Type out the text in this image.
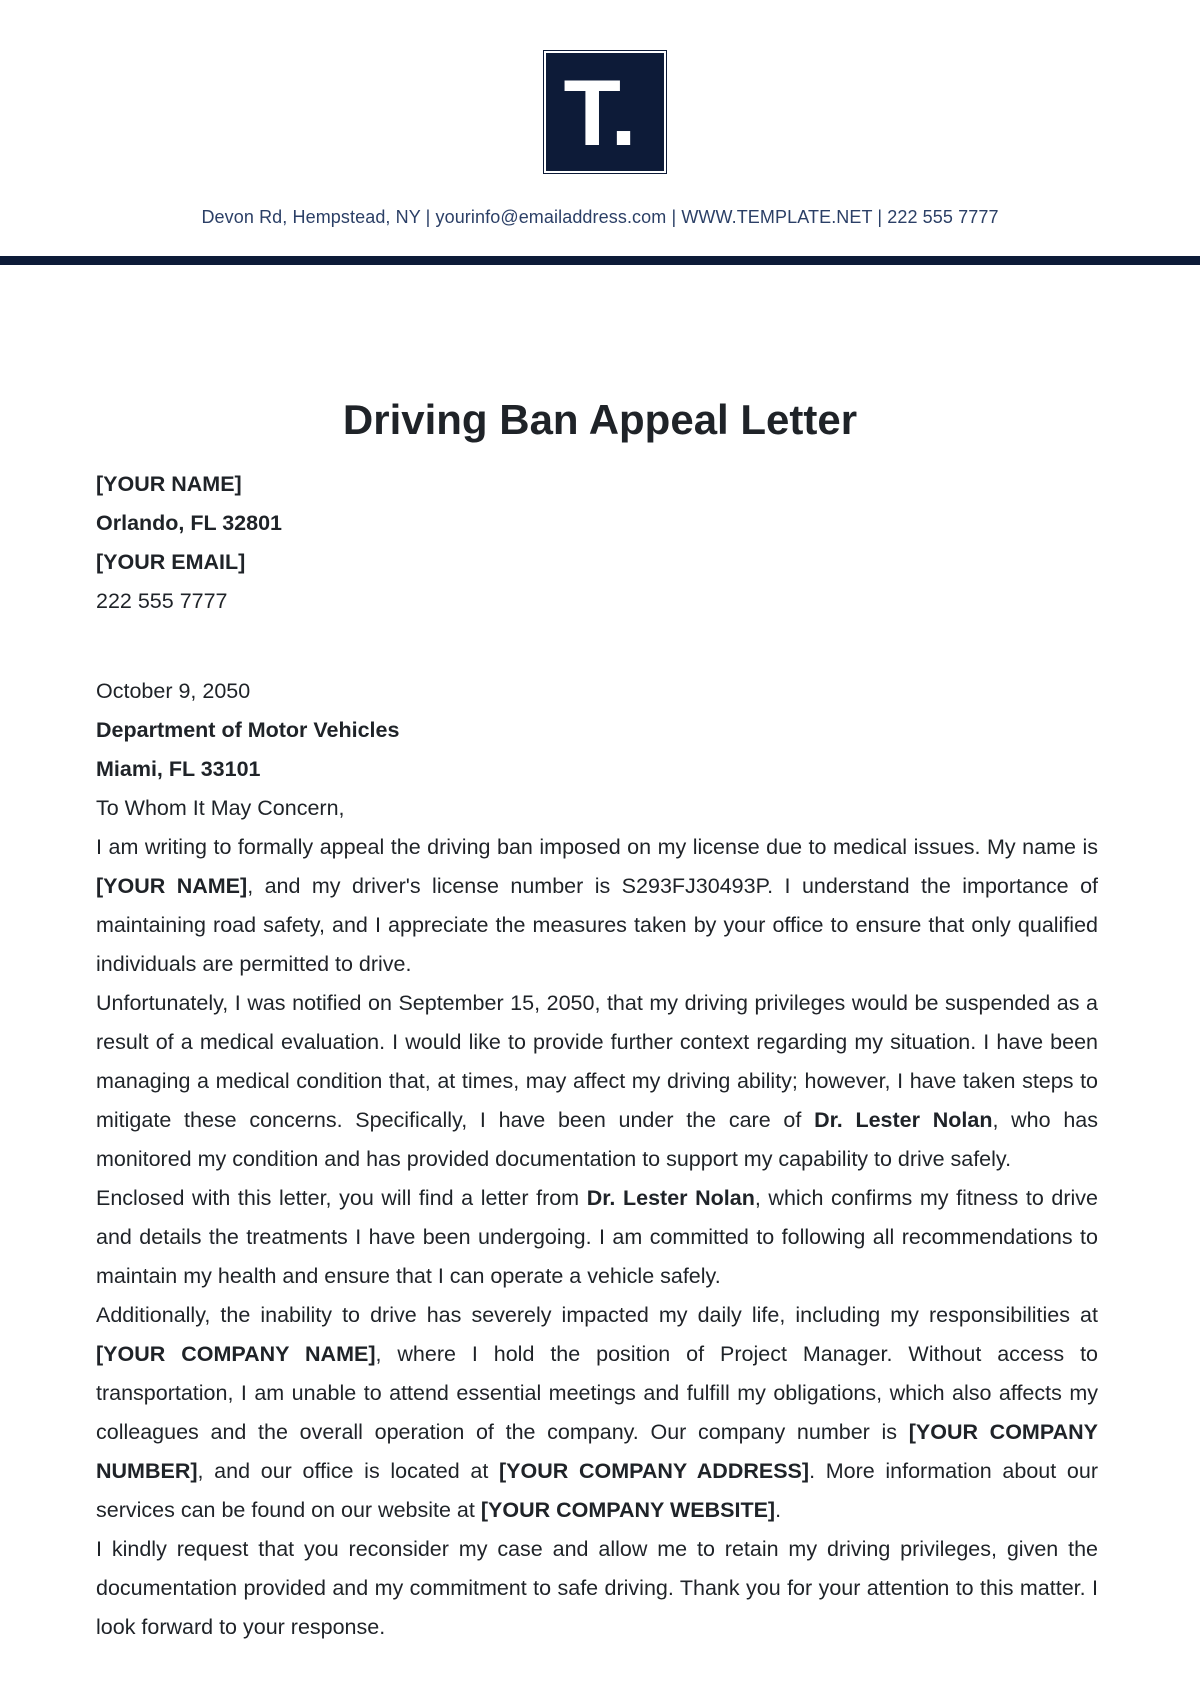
T.
Devon Rd, Hempstead, NY | yourinfo@emailaddress.com | WWW.TEMPLATE.NET | 222 555 7777
Driving Ban Appeal Letter
[YOUR NAME]
Orlando, FL 32801
[YOUR EMAIL]
222 555 7777
October 9, 2050
Department of Motor Vehicles
Miami, FL 33101
To Whom It May Concern,

I am writing to formally appeal the driving ban imposed on my license due to medical issues. My name is [YOUR NAME], and my driver's license number is S293FJ30493P. I understand the importance of maintaining road safety, and I appreciate the measures taken by your office to ensure that only qualified individuals are permitted to drive.

Unfortunately, I was notified on September 15, 2050, that my driving privileges would be suspended as a result of a medical evaluation. I would like to provide further context regarding my situation. I have been managing a medical condition that, at times, may affect my driving ability; however, I have taken steps to mitigate these concerns. Specifically, I have been under the care of Dr. Lester Nolan, who has monitored my condition and has provided documentation to support my capability to drive safely.

Enclosed with this letter, you will find a letter from Dr. Lester Nolan, which confirms my fitness to drive and details the treatments I have been undergoing. I am committed to following all recommendations to maintain my health and ensure that I can operate a vehicle safely.

Additionally, the inability to drive has severely impacted my daily life, including my responsibilities at [YOUR COMPANY NAME], where I hold the position of Project Manager. Without access to transportation, I am unable to attend essential meetings and fulfill my obligations, which also affects my colleagues and the overall operation of the company. Our company number is [YOUR COMPANY NUMBER], and our office is located at [YOUR COMPANY ADDRESS]. More information about our services can be found on our website at [YOUR COMPANY WEBSITE].

I kindly request that you reconsider my case and allow me to retain my driving privileges, given the documentation provided and my commitment to safe driving. Thank you for your attention to this matter. I look forward to your response.
